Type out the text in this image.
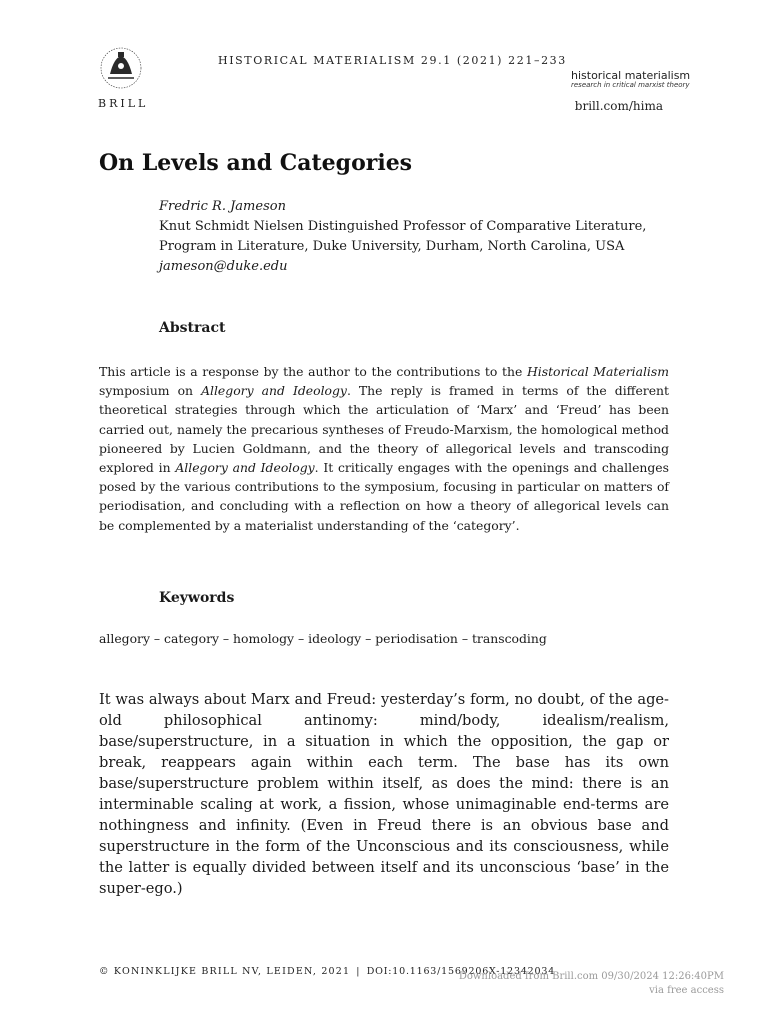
BRILL
HISTORICAL MATERIALISM 29.1 (2021) 221–233
historical materialism
research in critical marxist theory
brill.com/hima
On Levels and Categories
Fredric R. Jameson
Knut Schmidt Nielsen Distinguished Professor of Comparative Literature,
Program in Literature, Duke University, Durham, North Carolina, USA
jameson@duke.edu
Abstract
This article is a response by the author to the contributions to the Historical Materialism symposium on Allegory and Ideology. The reply is framed in terms of the different theoretical strategies through which the articulation of ‘Marx’ and ‘Freud’ has been carried out, namely the precarious syntheses of Freudo-Marxism, the homological method pioneered by Lucien Goldmann, and the theory of allegorical levels and transcoding explored in Allegory and Ideology. It critically engages with the openings and challenges posed by the various contributions to the symposium, focusing in particular on matters of periodisation, and concluding with a reflection on how a theory of allegorical levels can be complemented by a materialist understanding of the ‘category’.
Keywords
allegory – category – homology – ideology – periodisation – transcoding
It was always about Marx and Freud: yesterday’s form, no doubt, of the age-old philosophical antinomy: mind/body, idealism/realism, base/superstructure, in a situation in which the opposition, the gap or break, reappears again within each term. The base has its own base/superstructure problem within itself, as does the mind: there is an interminable scaling at work, a fission, whose unimaginable end-terms are nothingness and infinity. (Even in Freud there is an obvious base and superstructure in the form of the Unconscious and its consciousness, while the latter is equally divided between itself and its unconscious ‘base’ in the super-ego.)
© KONINKLIJKE BRILL NV, LEIDEN, 2021 | DOI:10.1163/1569206X-12342034
Downloaded from Brill.com 09/30/2024 12:26:40PM
via free access
